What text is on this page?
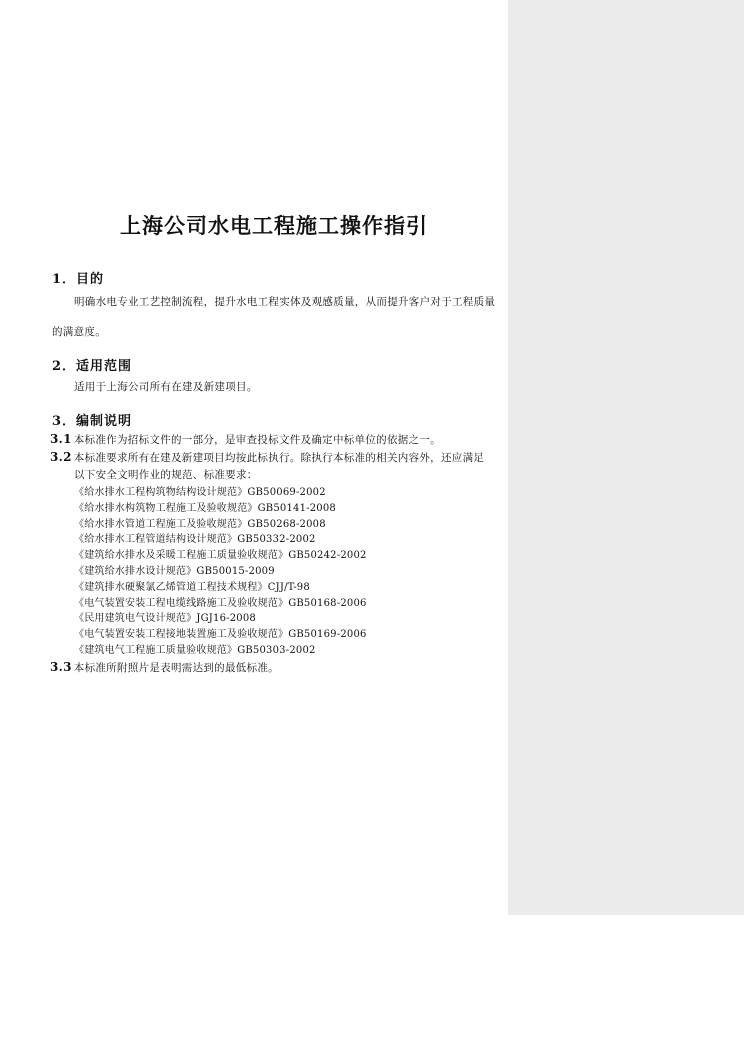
上海公司水电工程施工操作指引
1．目的
明确水电专业工艺控制流程，提升水电工程实体及观感质量，从而提升客户对于工程质量
的满意度。
2．适用范围
适用于上海公司所有在建及新建项目。
3．编制说明
3.1 本标准作为招标文件的一部分，是审查投标文件及确定中标单位的依据之一。
3.2 本标准要求所有在建及新建项目均按此标执行。除执行本标准的相关内容外，还应满足
以下安全文明作业的规范、标准要求：
《给水排水工程构筑物结构设计规范》GB50069-2002
《给水排水构筑物工程施工及验收规范》GB50141-2008
《给水排水管道工程施工及验收规范》GB50268-2008
《给水排水工程管道结构设计规范》GB50332-2002
《建筑给水排水及采暖工程施工质量验收规范》GB50242-2002
《建筑给水排水设计规范》GB50015-2009
《建筑排水硬聚氯乙烯管道工程技术规程》CJJ/T-98
《电气装置安装工程电缆线路施工及验收规范》GB50168-2006
《民用建筑电气设计规范》JGJ16-2008
《电气装置安装工程接地装置施工及验收规范》GB50169-2006
《建筑电气工程施工质量验收规范》GB50303-2002
3.3 本标准所附照片是表明需达到的最低标准。
